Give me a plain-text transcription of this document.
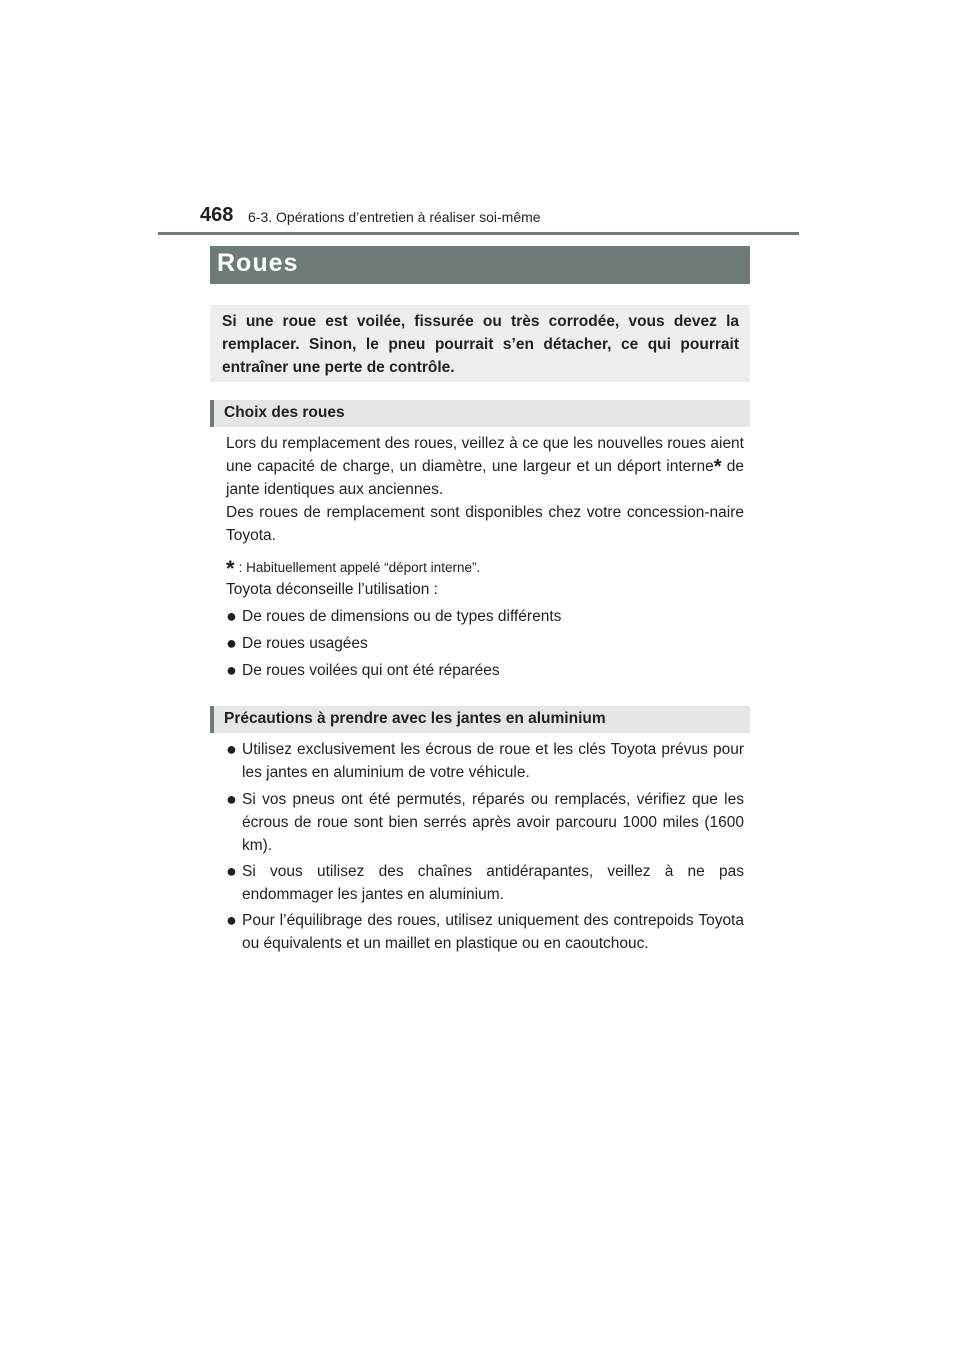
468 6-3. Opérations d’entretien à réaliser soi-même
Roues
Si une roue est voilée, fissurée ou très corrodée, vous devez la remplacer. Sinon, le pneu pourrait s’en détacher, ce qui pourrait entraîner une perte de contrôle.
Choix des roues
Lors du remplacement des roues, veillez à ce que les nouvelles roues aient une capacité de charge, un diamètre, une largeur et un déport interne* de jante identiques aux anciennes.
Des roues de remplacement sont disponibles chez votre concession-naire Toyota.
* : Habituellement appelé “déport interne”.
Toyota déconseille l’utilisation :
● De roues de dimensions ou de types différents
● De roues usagées
● De roues voilées qui ont été réparées
Précautions à prendre avec les jantes en aluminium
● Utilisez exclusivement les écrous de roue et les clés Toyota prévus pour les jantes en aluminium de votre véhicule.
● Si vos pneus ont été permutés, réparés ou remplacés, vérifiez que les écrous de roue sont bien serrés après avoir parcouru 1000 miles (1600 km).
● Si vous utilisez des chaînes antidérapantes, veillez à ne pas endommager les jantes en aluminium.
● Pour l’équilibrage des roues, utilisez uniquement des contrepoids Toyota ou équivalents et un maillet en plastique ou en caoutchouc.
